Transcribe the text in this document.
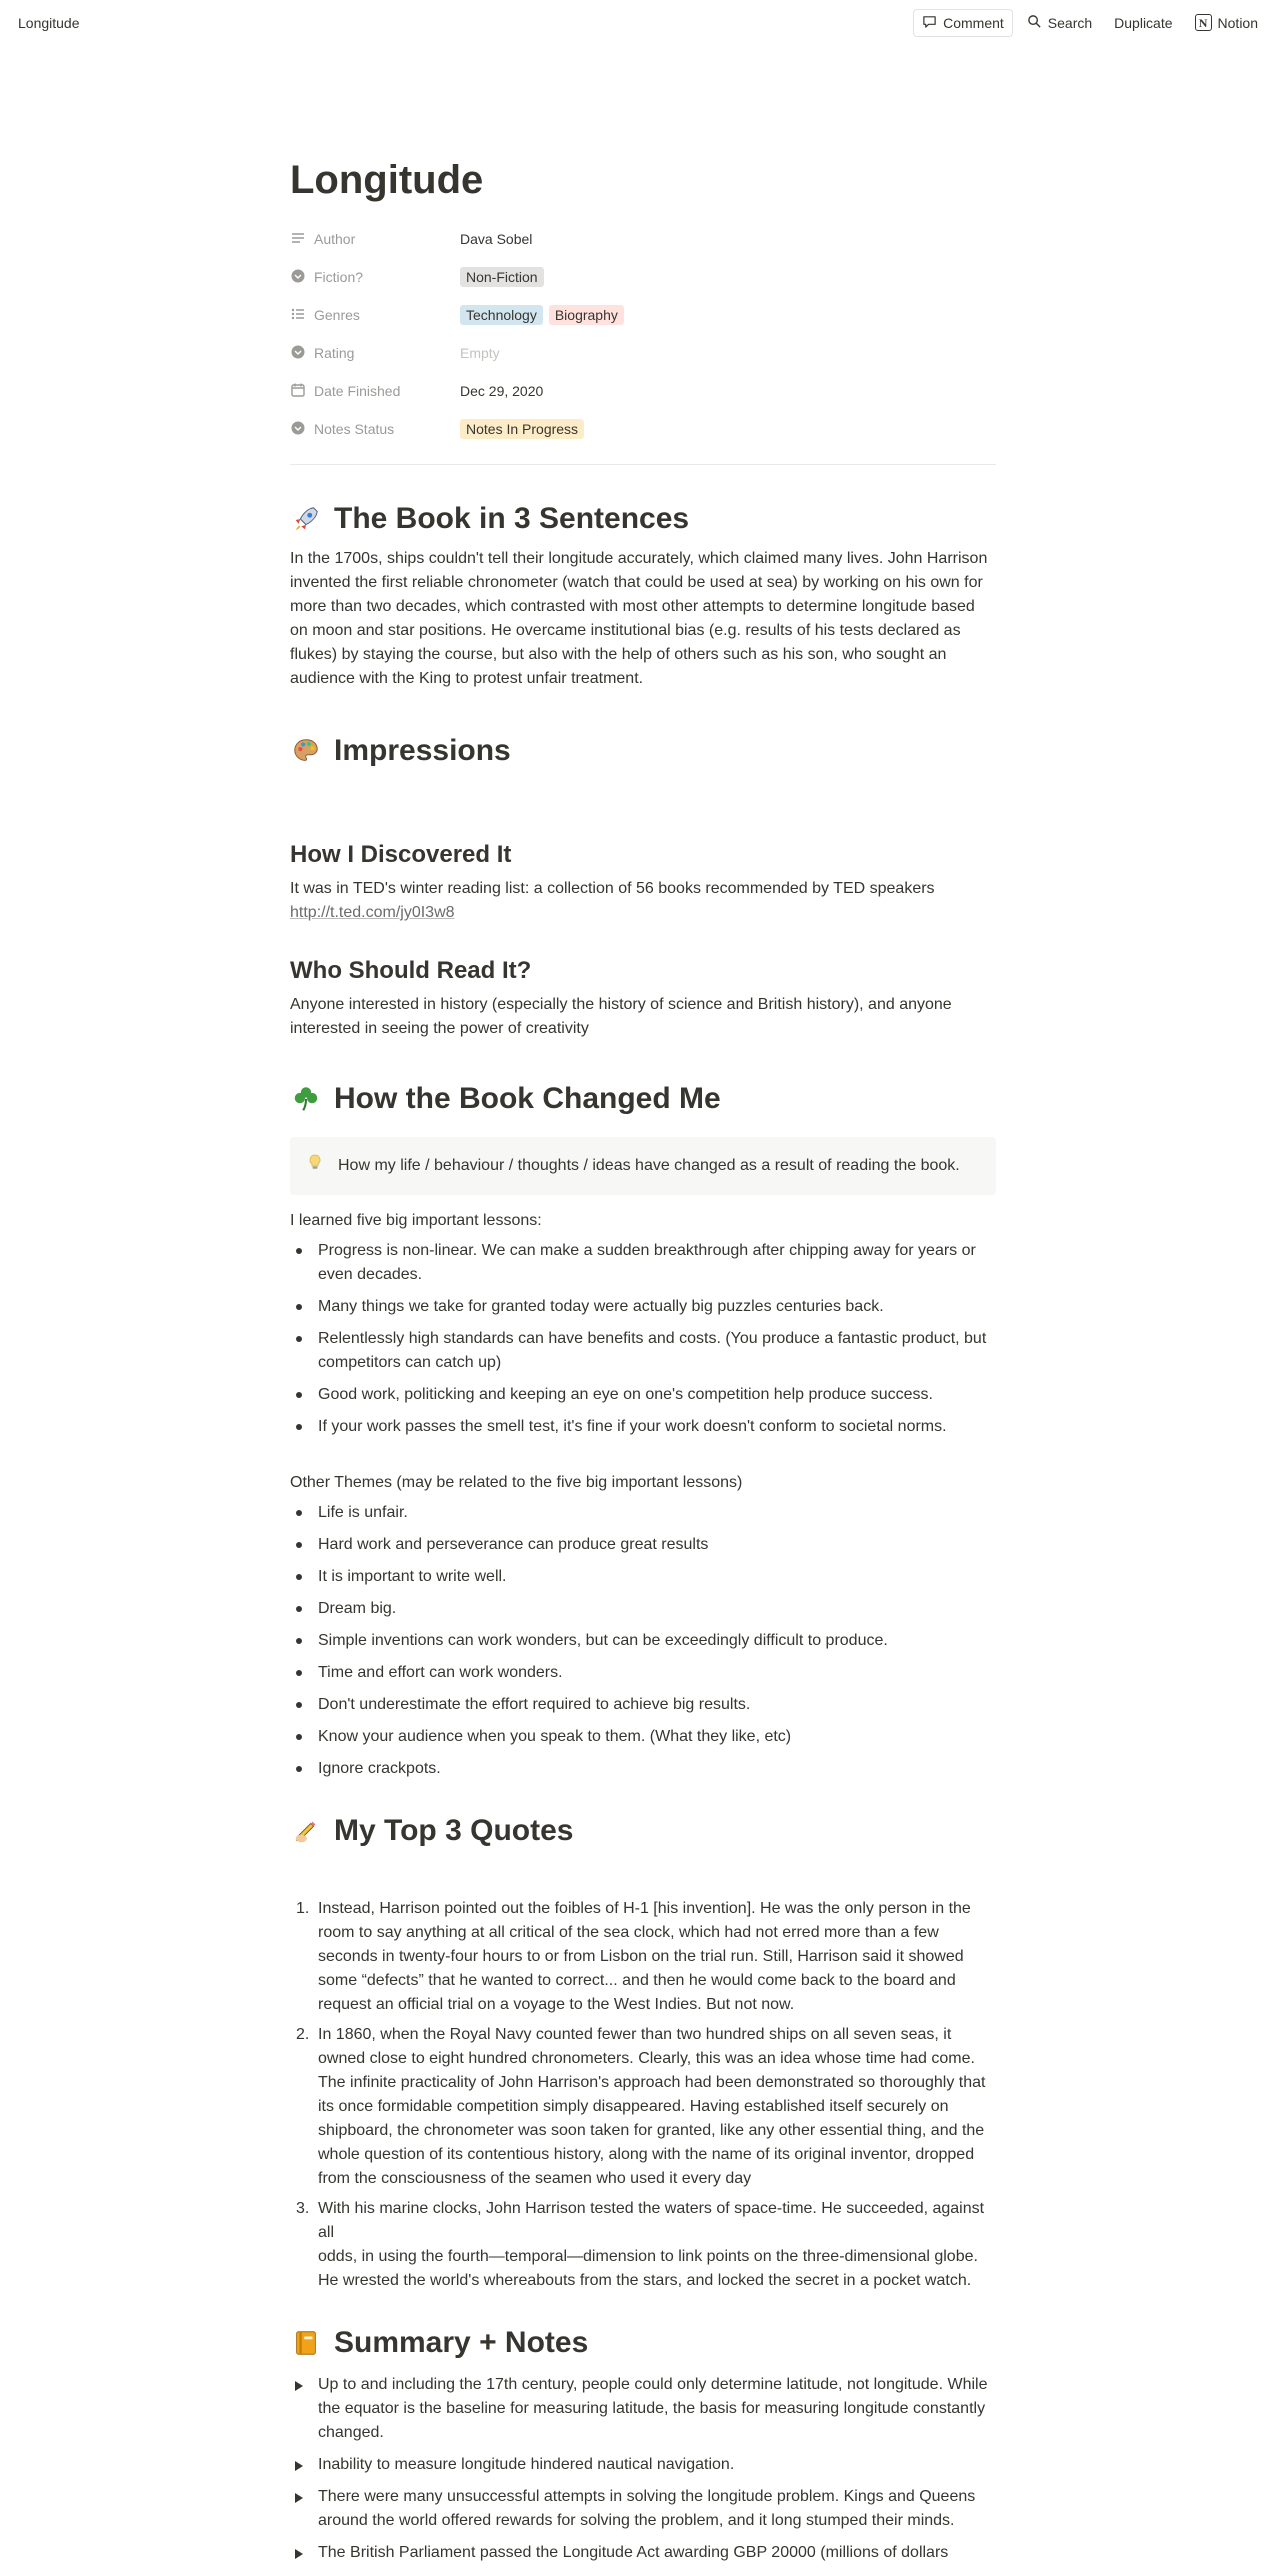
Longitude	Comment	Search	Duplicate	N Notion
Longitude
Author	Dava Sobel
Fiction?	Non-Fiction
Genres	Technology	Biography
Rating	Empty
Date Finished	Dec 29, 2020
Notes Status	Notes In Progress
The Book in 3 Sentences

In the 1700s, ships couldn't tell their longitude accurately, which claimed many lives. John Harrison invented the first reliable chronometer (watch that could be used at sea) by working on his own for more than two decades, which contrasted with most other attempts to determine longitude based on moon and star positions. He overcame institutional bias (e.g. results of his tests declared as flukes) by staying the course, but also with the help of others such as his son, who sought an audience with the King to protest unfair treatment.

Impressions
How I Discovered It

It was in TED's winter reading list: a collection of 56 books recommended by TED speakers

http://t.ted.com/jy0I3w8

Who Should Read It?

Anyone interested in history (especially the history of science and British history), and anyone interested in seeing the power of creativity

How the Book Changed Me
How my life / behaviour / thoughts / ideas have changed as a result of reading the book.

I learned five big important lessons:

Progress is non-linear. We can make a sudden breakthrough after chipping away for years or even decades.
Many things we take for granted today were actually big puzzles centuries back.
Relentlessly high standards can have benefits and costs. (You produce a fantastic product, but competitors can catch up)
Good work, politicking and keeping an eye on one's competition help produce success.
If your work passes the smell test, it's fine if your work doesn't conform to societal norms.

Other Themes (may be related to the five big important lessons)

Life is unfair.
Hard work and perseverance can produce great results
It is important to write well.
Dream big.
Simple inventions can work wonders, but can be exceedingly difficult to produce.
Time and effort can work wonders.
Don't underestimate the effort required to achieve big results.
Know your audience when you speak to them. (What they like, etc)
Ignore crackpots.
My Top 3 Quotes
1. Instead, Harrison pointed out the foibles of H-1 [his invention]. He was the only person in the room to say anything at all critical of the sea clock, which had not erred more than a few seconds in twenty-four hours to or from Lisbon on the trial run. Still, Harrison said it showed some “defects” that he wanted to correct... and then he would come back to the board and request an official trial on a voyage to the West Indies. But not now.
2. In 1860, when the Royal Navy counted fewer than two hundred ships on all seven seas, it owned close to eight hundred chronometers. Clearly, this was an idea whose time had come. The infinite practicality of John Harrison's approach had been demonstrated so thoroughly that its once formidable competition simply disappeared. Having established itself securely on shipboard, the chronometer was soon taken for granted, like any other essential thing, and the whole question of its contentious history, along with the name of its original inventor, dropped from the consciousness of the seamen who used it every day
3. With his marine clocks, John Harrison tested the waters of space-time. He succeeded, against all
odds, in using the fourth—temporal—dimension to link points on the three-dimensional globe. He wrested the world's whereabouts from the stars, and locked the secret in a pocket watch.
Summary + Notes
Up to and including the 17th century, people could only determine latitude, not longitude. While the equator is the baseline for measuring latitude, the basis for measuring longitude constantly changed.
Inability to measure longitude hindered nautical navigation.
There were many unsuccessful attempts in solving the longitude problem. Kings and Queens around the world offered rewards for solving the problem, and it long stumped their minds.
The British Parliament passed the Longitude Act awarding GBP 20000 (millions of dollars
